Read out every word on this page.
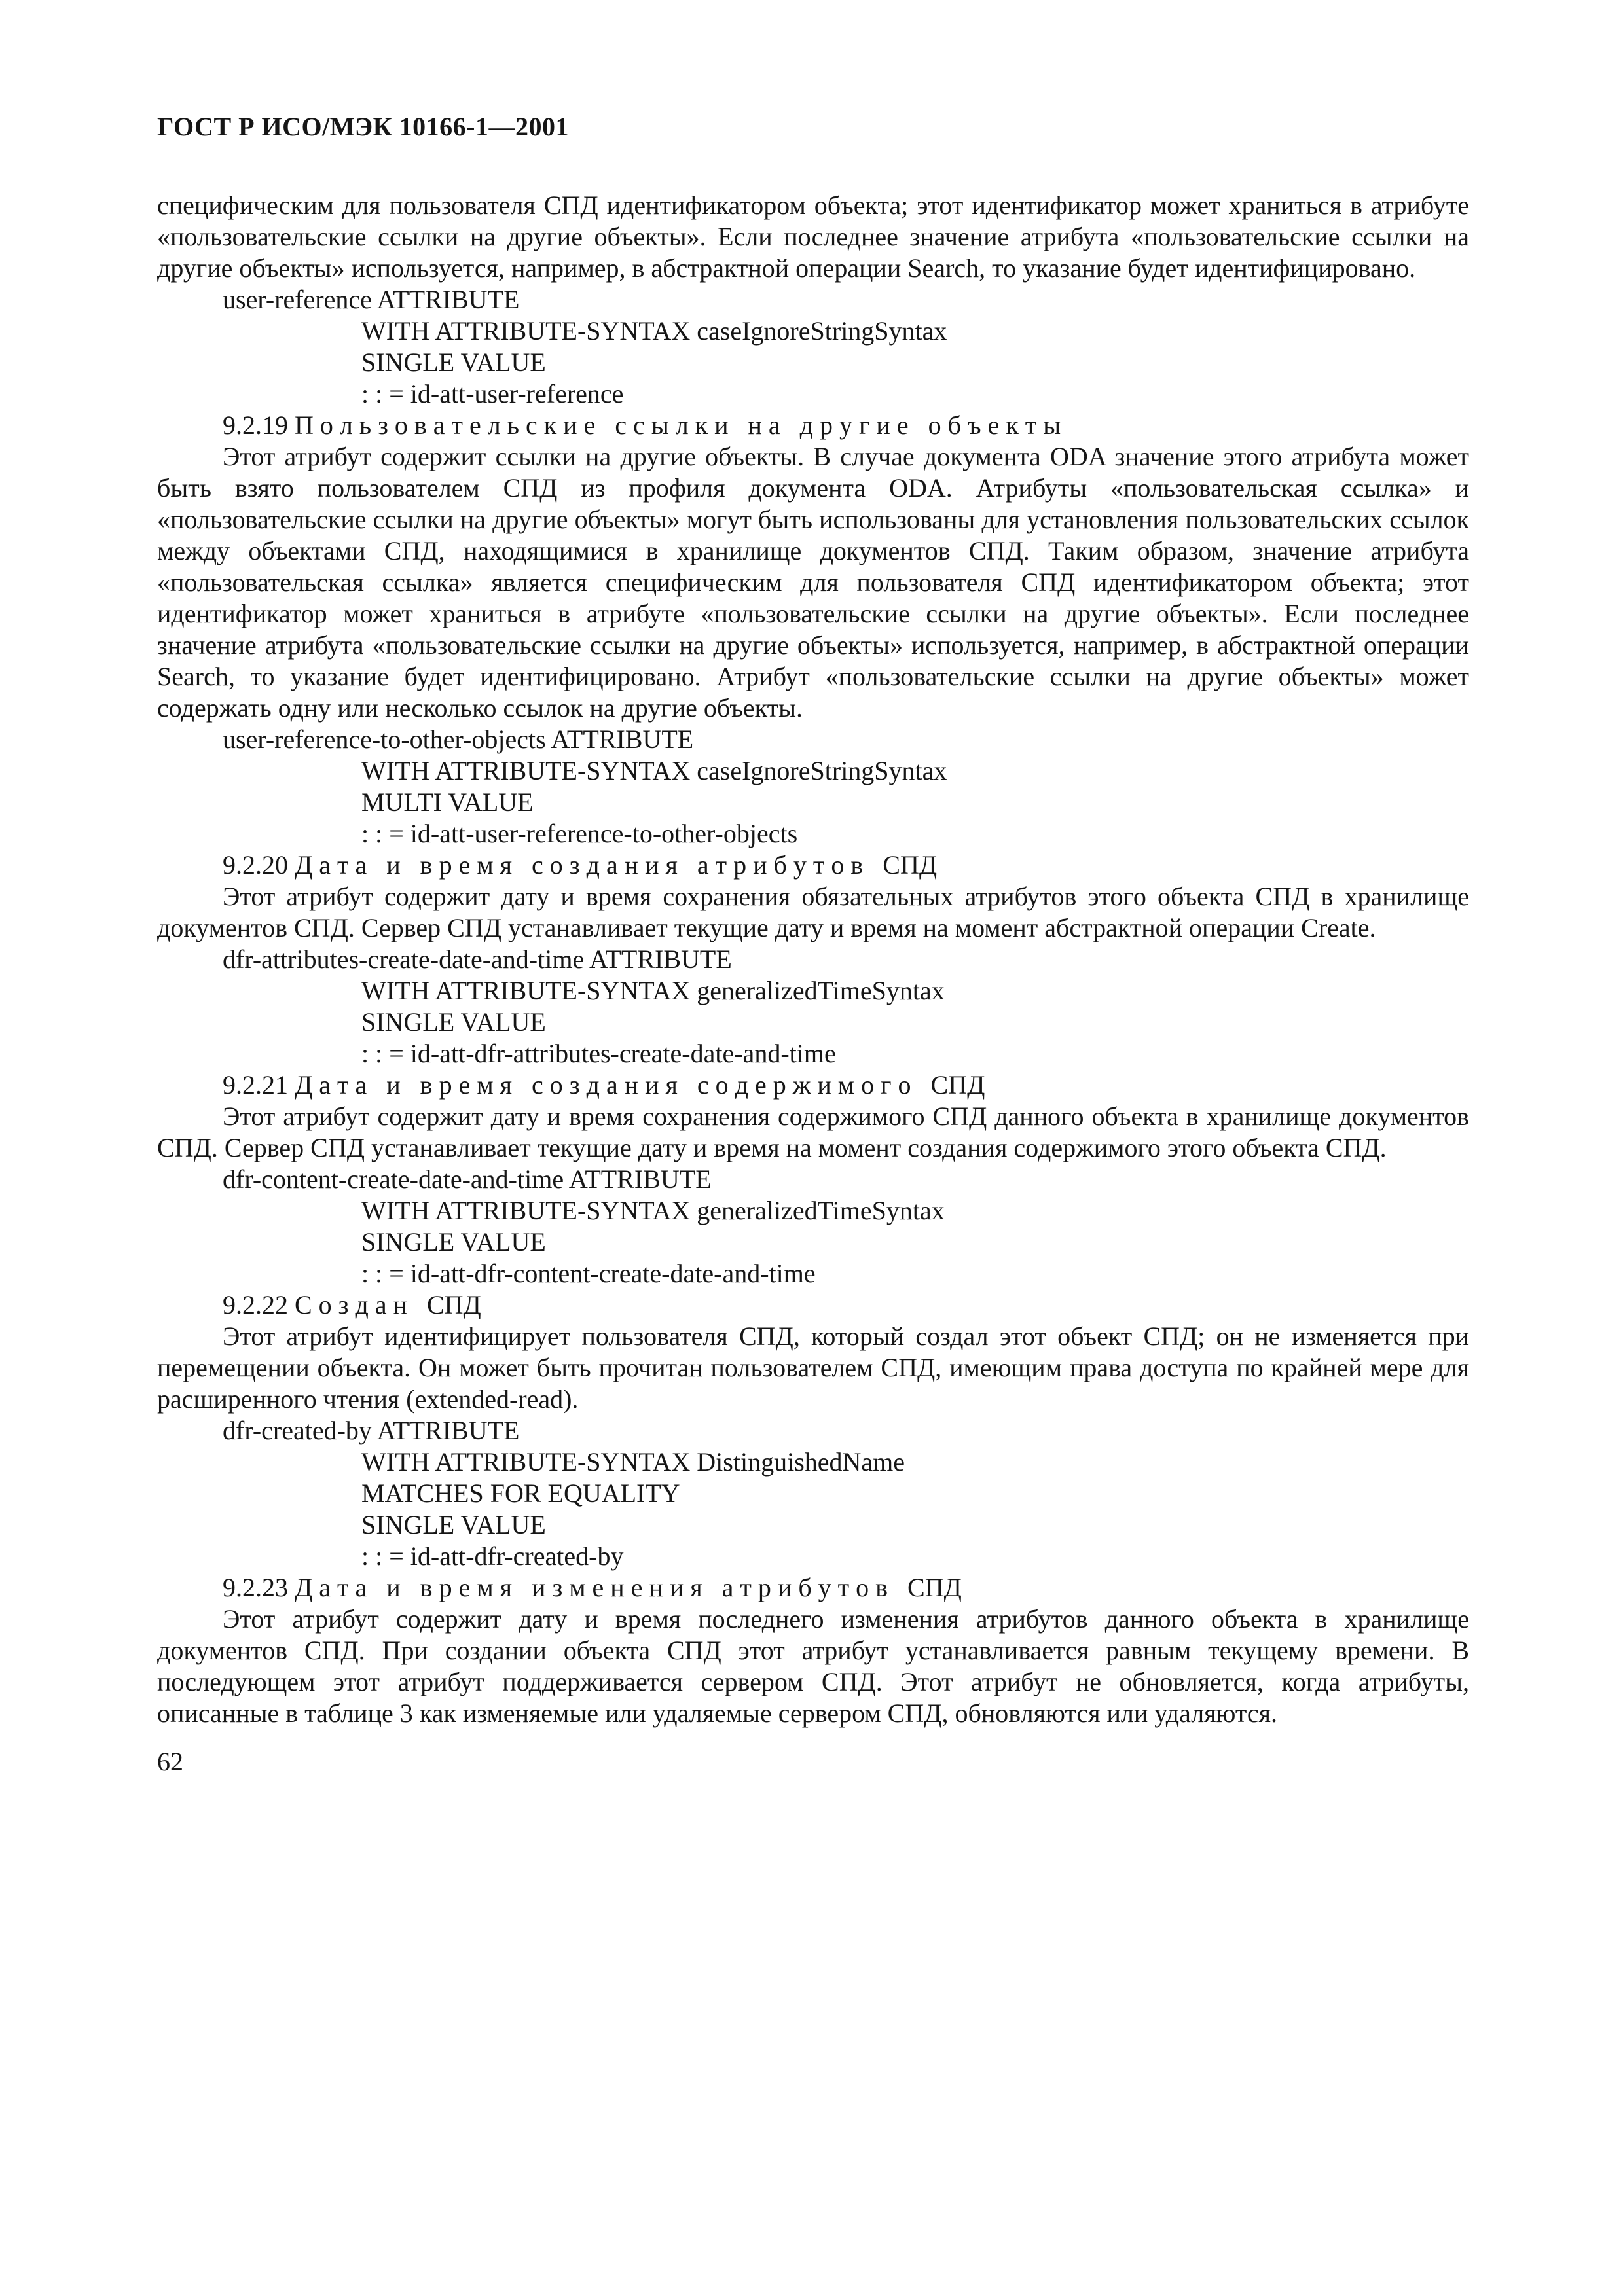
ГОСТ Р ИСО/МЭК 10166-1—2001

специфическим для пользователя СПД идентификатором объекта; этот идентификатор может храниться в атрибуте «пользовательские ссылки на другие объекты». Если последнее значение атрибута «пользовательские ссылки на другие объекты» используется, например, в абстрактной операции Search, то указание будет идентифицировано.

user-reference ATTRIBUTE
WITH ATTRIBUTE-SYNTAX caseIgnoreStringSyntax
SINGLE VALUE
: : = id-att-user-reference
9.2.19 П о л ь з о в а т е л ь с к и е   с с ы л к и   н а   д р у г и е   о б ъ е к т ы

Этот атрибут содержит ссылки на другие объекты. В случае документа ODA значение этого атрибута может быть взято пользователем СПД из профиля документа ODA. Атрибуты «пользовательская ссылка» и «пользовательские ссылки на другие объекты» могут быть использованы для установления пользовательских ссылок между объектами СПД, находящимися в хранилище документов СПД. Таким образом, значение атрибута «пользовательская ссылка» является специфическим для пользователя СПД идентификатором объекта; этот идентификатор может храниться в атрибуте «пользовательские ссылки на другие объекты». Если последнее значение атрибута «пользовательские ссылки на другие объекты» используется, например, в абстрактной операции Search, то указание будет идентифицировано. Атрибут «пользовательские ссылки на другие объекты» может содержать одну или несколько ссылок на другие объекты.

user-reference-to-other-objects ATTRIBUTE
WITH ATTRIBUTE-SYNTAX caseIgnoreStringSyntax
MULTI VALUE
: : = id-att-user-reference-to-other-objects
9.2.20 Д а т а   и   в р е м я   с о з д а н и я   а т р и б у т о в   СПД

Этот атрибут содержит дату и время сохранения обязательных атрибутов этого объекта СПД в хранилище документов СПД. Сервер СПД устанавливает текущие дату и время на момент абстрактной операции Create.

dfr-attributes-create-date-and-time ATTRIBUTE
WITH ATTRIBUTE-SYNTAX generalizedTimeSyntax
SINGLE VALUE
: : = id-att-dfr-attributes-create-date-and-time
9.2.21 Д а т а   и   в р е м я   с о з д а н и я   с о д е р ж и м о г о   СПД

Этот атрибут содержит дату и время сохранения содержимого СПД данного объекта в хранилище документов СПД. Сервер СПД устанавливает текущие дату и время на момент создания содержимого этого объекта СПД.

dfr-content-create-date-and-time ATTRIBUTE
WITH ATTRIBUTE-SYNTAX generalizedTimeSyntax
SINGLE VALUE
: : = id-att-dfr-content-create-date-and-time
9.2.22 С о з д а н   СПД

Этот атрибут идентифицирует пользователя СПД, который создал этот объект СПД; он не изменяется при перемещении объекта. Он может быть прочитан пользователем СПД, имеющим права доступа по крайней мере для расширенного чтения (extended-read).

dfr-created-by ATTRIBUTE
WITH ATTRIBUTE-SYNTAX DistinguishedName
MATCHES FOR EQUALITY
SINGLE VALUE
: : = id-att-dfr-created-by
9.2.23 Д а т а   и   в р е м я   и з м е н е н и я   а т р и б у т о в   СПД

Этот атрибут содержит дату и время последнего изменения атрибутов данного объекта в хранилище документов СПД. При создании объекта СПД этот атрибут устанавливается равным текущему времени. В последующем этот атрибут поддерживается сервером СПД. Этот атрибут не обновляется, когда атрибуты, описанные в таблице 3 как изменяемые или удаляемые сервером СПД, обновляются или удаляются.

62
